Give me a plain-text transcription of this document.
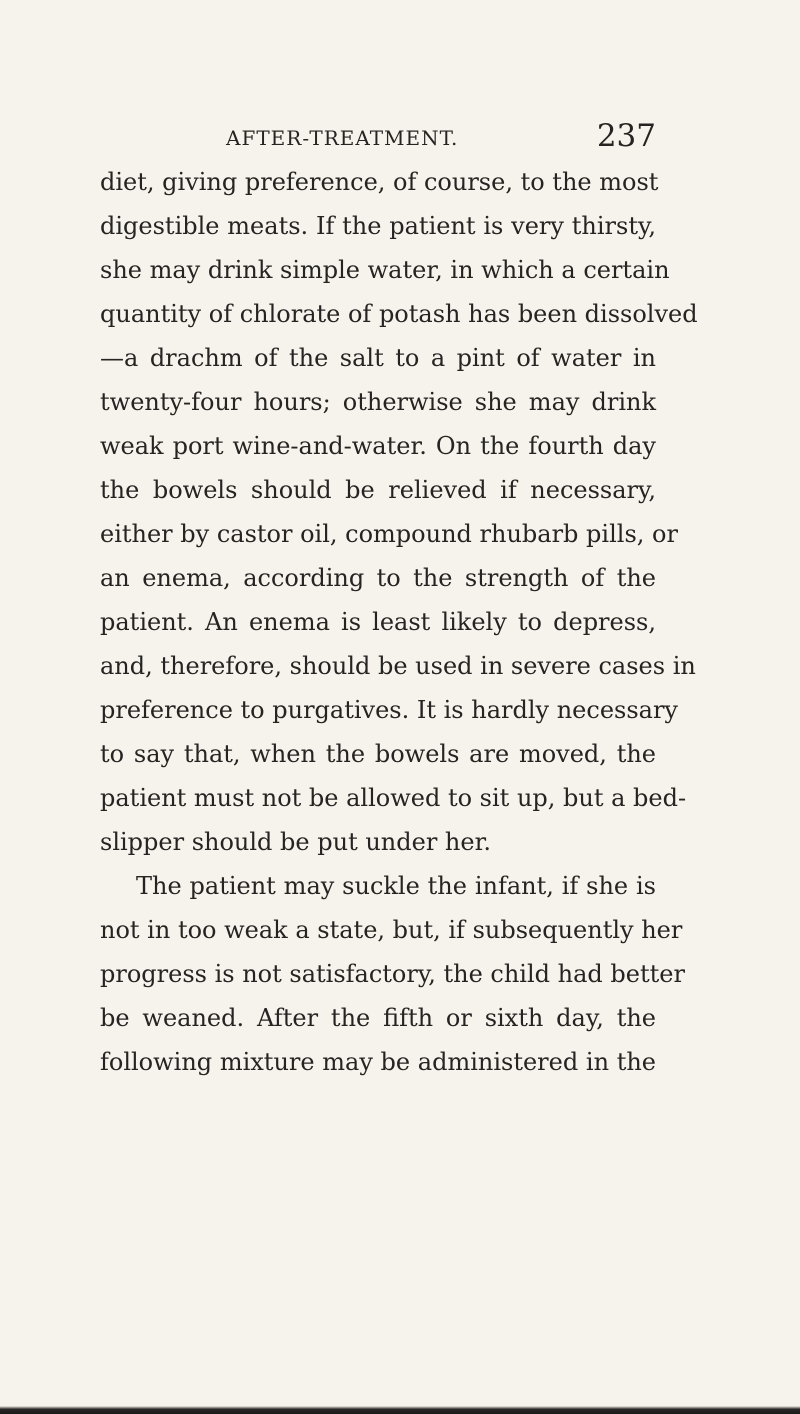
AFTER-TREATMENT.	237
diet, giving preference, of course, to the most
digestible meats. If the patient is very thirsty,
she may drink simple water, in which a certain
quantity of chlorate of potash has been dissolved
—a drachm of the salt to a pint of water in
twenty-four hours; otherwise she may drink
weak port wine-and-water. On the fourth day
the bowels should be relieved if necessary,
either by castor oil, compound rhubarb pills, or
an enema, according to the strength of the
patient. An enema is least likely to depress,
and, therefore, should be used in severe cases in
preference to purgatives. It is hardly necessary
to say that, when the bowels are moved, the
patient must not be allowed to sit up, but a bed-
slipper should be put under her.
The patient may suckle the infant, if she is
not in too weak a state, but, if subsequently her
progress is not satisfactory, the child had better
be weaned. After the fifth or sixth day, the
following mixture may be administered in the
